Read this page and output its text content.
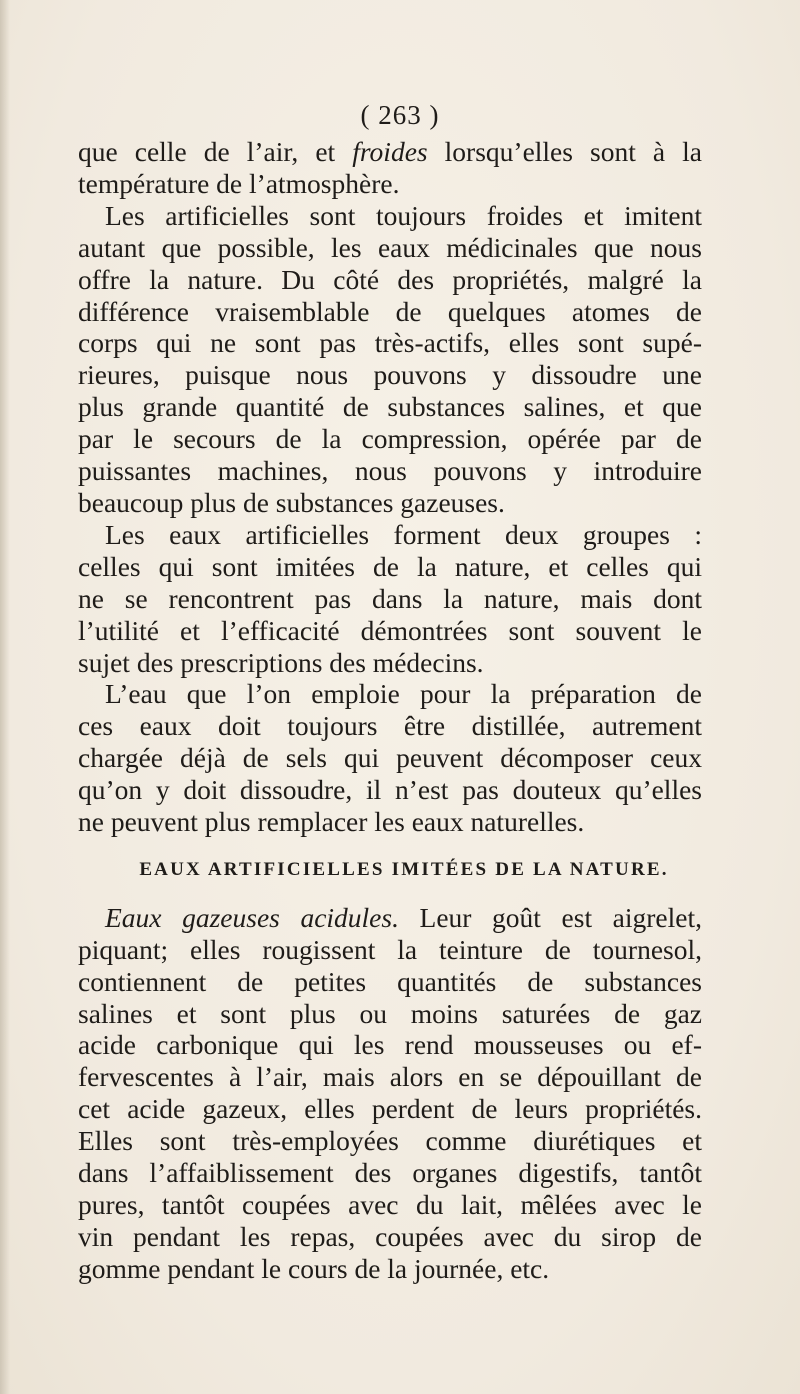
( 263 )

que celle de l’air, et froides lorsqu’elles sont à la
température de l’atmosphère.

Les artificielles sont toujours froides et imitent
autant que possible, les eaux médicinales que nous
offre la nature. Du côté des propriétés, malgré la
différence vraisemblable de quelques atomes de
corps qui ne sont pas très-actifs, elles sont supé-
rieures, puisque nous pouvons y dissoudre une
plus grande quantité de substances salines, et que
par le secours de la compression, opérée par de
puissantes machines, nous pouvons y introduire
beaucoup plus de substances gazeuses.

Les eaux artificielles forment deux groupes :
celles qui sont imitées de la nature, et celles qui
ne se rencontrent pas dans la nature, mais dont
l’utilité et l’efficacité démontrées sont souvent le
sujet des prescriptions des médecins.

L’eau que l’on emploie pour la préparation de
ces eaux doit toujours être distillée, autrement
chargée déjà de sels qui peuvent décomposer ceux
qu’on y doit dissoudre, il n’est pas douteux qu’elles
ne peuvent plus remplacer les eaux naturelles.

EAUX ARTIFICIELLES IMITÉES DE LA NATURE.

Eaux gazeuses acidules. Leur goût est aigrelet,
piquant; elles rougissent la teinture de tournesol,
contiennent de petites quantités de substances
salines et sont plus ou moins saturées de gaz
acide carbonique qui les rend mousseuses ou ef-
fervescentes à l’air, mais alors en se dépouillant de
cet acide gazeux, elles perdent de leurs propriétés.
Elles sont très-employées comme diurétiques et
dans l’affaiblissement des organes digestifs, tantôt
pures, tantôt coupées avec du lait, mêlées avec le
vin pendant les repas, coupées avec du sirop de
gomme pendant le cours de la journée, etc.
